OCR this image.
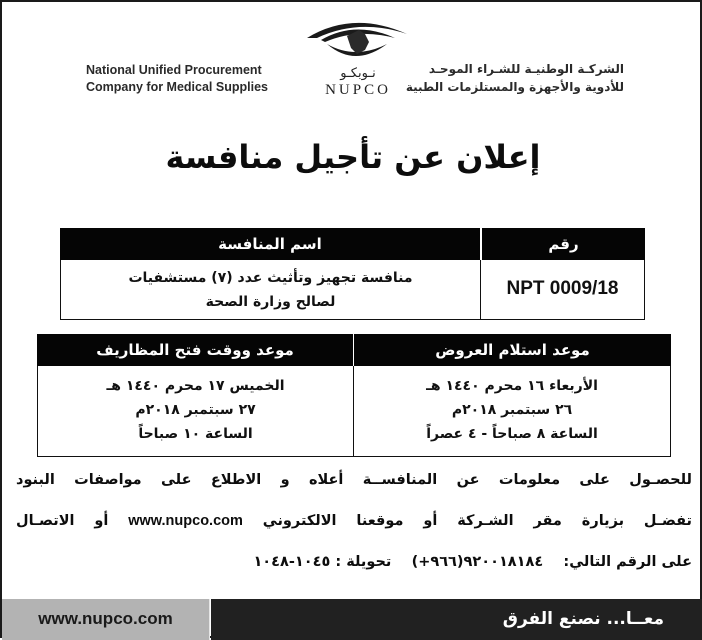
National Unified Procurement
Company for Medical Supplies
نـوبكـو
NUPCO
الشركـة الوطنيـة للشـراء الموحـد
للأدوية والأجهزة والمستلزمات الطبية
إعلان عن تأجيل منافسة
اسم المنافسة	رقم
منافسة تجهيز وتأثيث عدد (٧) مستشفيات
لصالح وزارة الصحة
NPT 0009/18
موعد ووقت فتح المظاريف
الخميس ١٧ محرم ١٤٤٠ هـ
٢٧ سبتمبر ٢٠١٨م
الساعة ١٠ صباحاً
موعد استلام العروض
الأربعاء ١٦ محرم ١٤٤٠ هـ
٢٦ سبتمبر ٢٠١٨م
الساعة ٨ صباحاً - ٤ عصراً
للحصـول على معلومات عن المنافســة أعلاه و الاطلاع على مواصفات البنود
تفضـل بزيارة مقر الشـركة أو موقعنا الالكتروني www.nupco.com أو الاتصـال
على الرقم التالي:    ٩٢٠٠١٨١٨٤(٩٦٦+)    تحويلة : ١٠٤٥-١٠٤٨
www.nupco.com	معــا... نصنع الفرق
